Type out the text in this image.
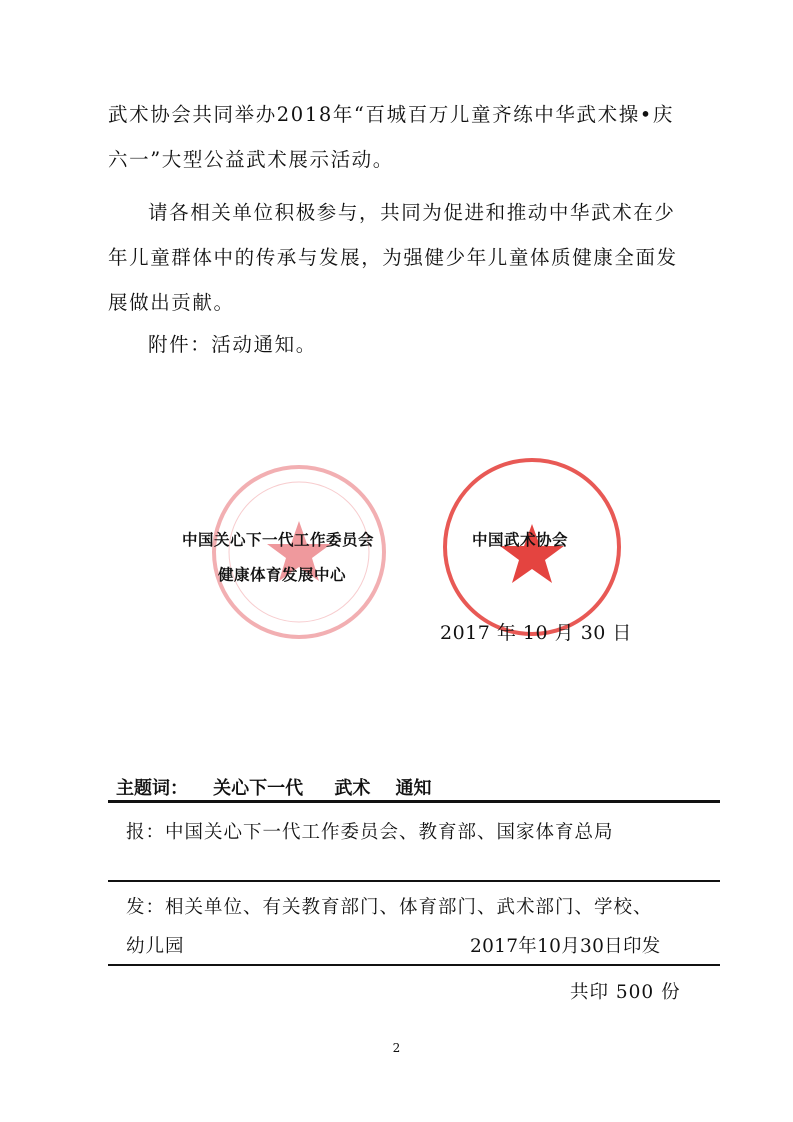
武术协会共同举办2018年“百城百万儿童齐练中华武术操•庆六一”大型公益武术展示活动。

请各相关单位积极参与，共同为促进和推动中华武术在少年儿童群体中的传承与发展，为强健少年儿童体质健康全面发展做出贡献。

附件：活动通知。

中国关心下一代工作委员会
健康体育发展中心
中国武术协会
2017 年 10 月 30 日
主题词：    关心下一代     武术    通知
报：中国关心下一代工作委员会、教育部、国家体育总局
发：相关单位、有关教育部门、体育部门、武术部门、学校、
幼儿园	2017年10月30日印发
共印 500 份
2
